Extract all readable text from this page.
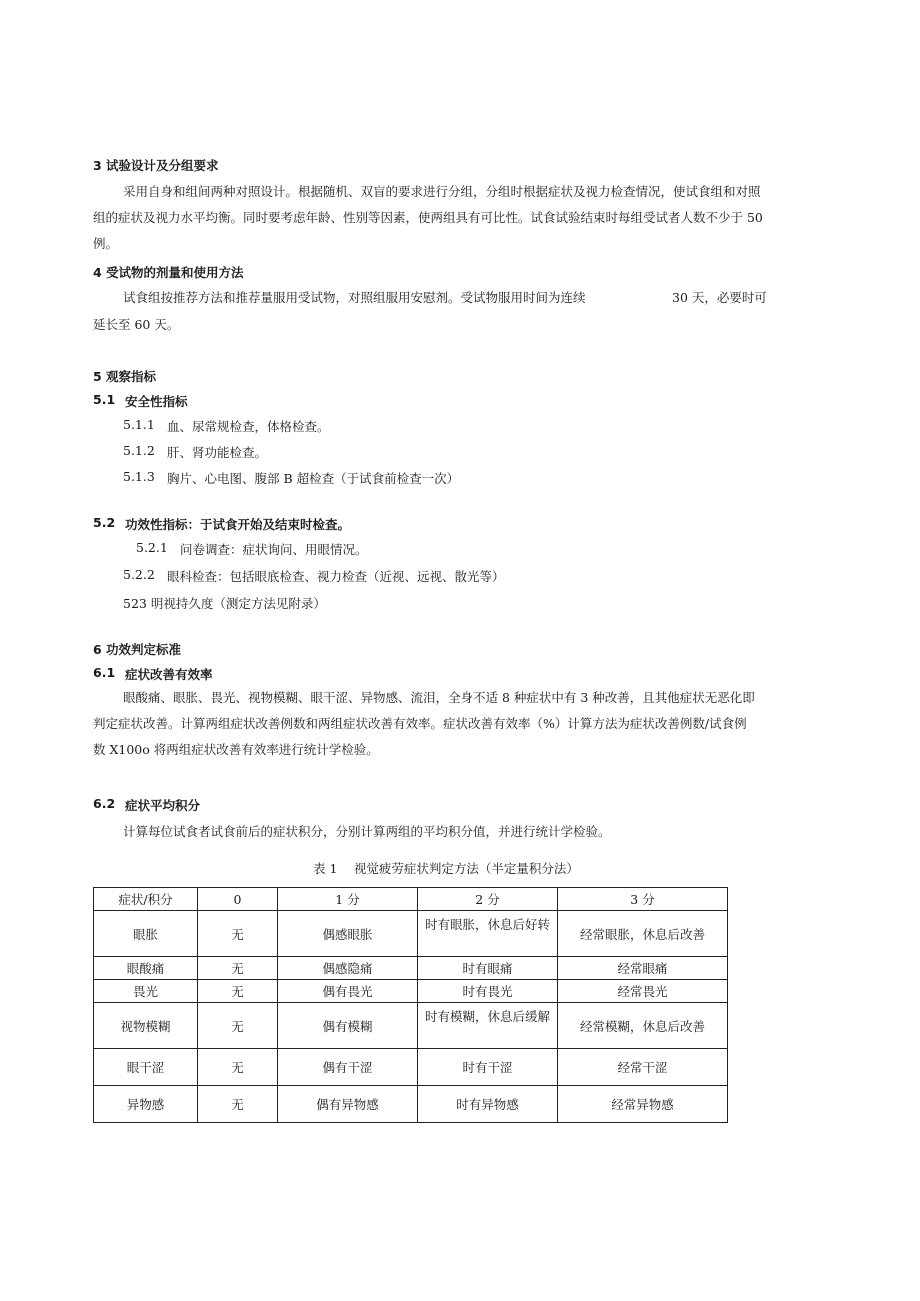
3 试验设计及分组要求
采用自身和组间两种对照设计。根据随机、双盲的要求进行分组，分组时根据症状及视力检查情况，使试食组和对照
组的症状及视力水平均衡。同时要考虑年龄、性别等因素，使两组具有可比性。试食试验结束时每组受试者人数不少于 50
例。
4 受试物的剂量和使用方法
试食组按推荐方法和推荐量服用受试物，对照组服用安慰剂。受试物服用时间为连续	30 天，必要时可
延长至 60 天。
5 观察指标
5.1 安全性指标
5.1.1 血、尿常规检查，体格检查。
5.1.2 肝、肾功能检查。
5.1.3 胸片、心电图、腹部 B 超检查（于试食前检查一次）
5.2 功效性指标：于试食开始及结束时检查。
5.2.1 问卷调查：症状询问、用眼情况。
5.2.2 眼科检查：包括眼底检查、视力检查（近视、远视、散光等）
523 明视持久度（测定方法见附录）
6 功效判定标准
6.1 症状改善有效率
眼酸痛、眼胀、畏光、视物模糊、眼干涩、异物感、流泪，全身不适 8 种症状中有 3 种改善，且其他症状无恶化即
判定症状改善。计算两组症状改善例数和两组症状改善有效率。症状改善有效率（%）计算方法为症状改善例数/试食例
数 X100o 将两组症状改善有效率进行统计学检验。
6.2 症状平均积分
计算每位试食者试食前后的症状积分，分别计算两组的平均积分值，并进行统计学检验。
表 1　 视觉疲劳症状判定方法（半定量积分法）
症状/积分	0	1 分	2 分	3 分
眼胀	无	偶感眼胀	时有眼胀，休息后好转	经常眼胀，休息后改善
眼酸痛	无	偶感隐痛	时有眼痛	经常眼痛
畏光	无	偶有畏光	时有畏光	经常畏光
视物模糊	无	偶有模糊	时有模糊，休息后缓解	经常模糊，休息后改善
眼干涩	无	偶有干涩	时有干涩	经常干涩
异物感	无	偶有异物感	时有异物感	经常异物感
